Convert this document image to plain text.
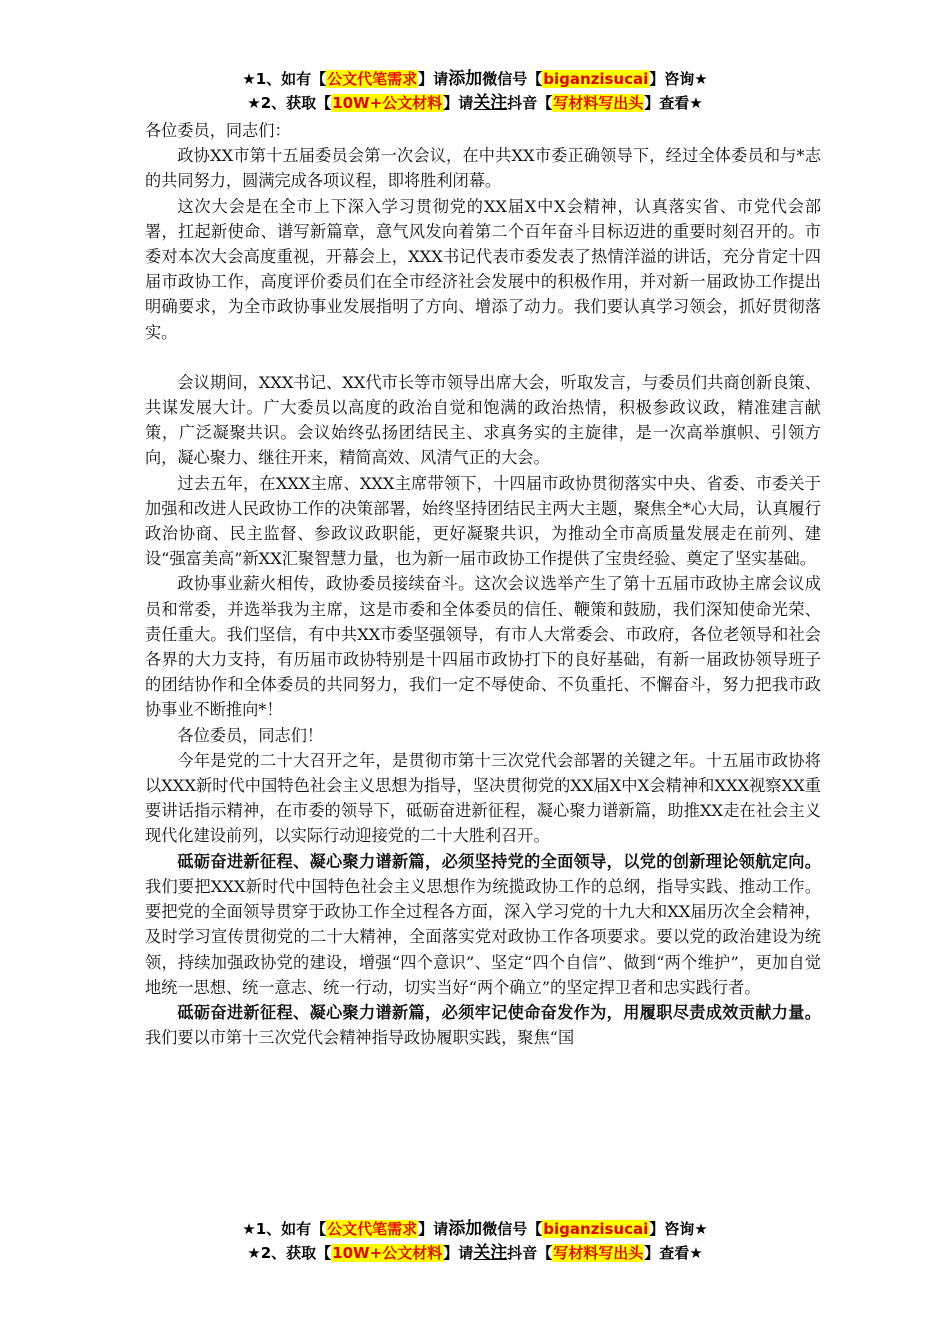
★1、如有【公文代笔需求】请添加微信号【biganzisucai】咨询★
★2、获取【10W+公文材料】请关注抖音【写材料写出头】查看★

各位委员，同志们：

政协XX市第十五届委员会第一次会议，在中共XX市委正确领导下，经过全体委员和与*志的共同努力，圆满完成各项议程，即将胜利闭幕。

这次大会是在全市上下深入学习贯彻党的XX届X中X会精神，认真落实省、市党代会部署，扛起新使命、谱写新篇章，意气风发向着第二个百年奋斗目标迈进的重要时刻召开的。市委对本次大会高度重视，开幕会上，XXX书记代表市委发表了热情洋溢的讲话，充分肯定十四届市政协工作，高度评价委员们在全市经济社会发展中的积极作用，并对新一届政协工作提出明确要求，为全市政协事业发展指明了方向、增添了动力。我们要认真学习领会，抓好贯彻落实。

会议期间，XXX书记、XX代市长等市领导出席大会，听取发言，与委员们共商创新良策、共谋发展大计。广大委员以高度的政治自觉和饱满的政治热情，积极参政议政，精准建言献策，广泛凝聚共识。会议始终弘扬团结民主、求真务实的主旋律，是一次高举旗帜、引领方向，凝心聚力、继往开来，精简高效、风清气正的大会。

过去五年，在XXX主席、XXX主席带领下，十四届市政协贯彻落实中央、省委、市委关于加强和改进人民政协工作的决策部署，始终坚持团结民主两大主题，聚焦全*心大局，认真履行政治协商、民主监督、参政议政职能，更好凝聚共识，为推动全市高质量发展走在前列、建设“强富美高”新XX汇聚智慧力量，也为新一届市政协工作提供了宝贵经验、奠定了坚实基础。

政协事业薪火相传，政协委员接续奋斗。这次会议选举产生了第十五届市政协主席会议成员和常委，并选举我为主席，这是市委和全体委员的信任、鞭策和鼓励，我们深知使命光荣、责任重大。我们坚信，有中共XX市委坚强领导，有市人大常委会、市政府，各位老领导和社会各界的大力支持，有历届市政协特别是十四届市政协打下的良好基础，有新一届政协领导班子的团结协作和全体委员的共同努力，我们一定不辱使命、不负重托、不懈奋斗，努力把我市政协事业不断推向*！

各位委员，同志们！

今年是党的二十大召开之年，是贯彻市第十三次党代会部署的关键之年。十五届市政协将以XXX新时代中国特色社会主义思想为指导，坚决贯彻党的XX届X中X会精神和XXX视察XX重要讲话指示精神，在市委的领导下，砥砺奋进新征程，凝心聚力谱新篇，助推XX走在社会主义现代化建设前列，以实际行动迎接党的二十大胜利召开。

砥砺奋进新征程、凝心聚力谱新篇，必须坚持党的全面领导，以党的创新理论领航定向。我们要把XXX新时代中国特色社会主义思想作为统揽政协工作的总纲，指导实践、推动工作。要把党的全面领导贯穿于政协工作全过程各方面，深入学习党的十九大和XX届历次全会精神，及时学习宣传贯彻党的二十大精神，全面落实党对政协工作各项要求。要以党的政治建设为统领，持续加强政协党的建设，增强“四个意识”、坚定“四个自信”、做到“两个维护”，更加自觉地统一思想、统一意志、统一行动，切实当好“两个确立”的坚定捍卫者和忠实践行者。

砥砺奋进新征程、凝心聚力谱新篇，必须牢记使命奋发作为，用履职尽责成效贡献力量。我们要以市第十三次党代会精神指导政协履职实践，聚焦“国

★1、如有【公文代笔需求】请添加微信号【biganzisucai】咨询★
★2、获取【10W+公文材料】请关注抖音【写材料写出头】查看★
